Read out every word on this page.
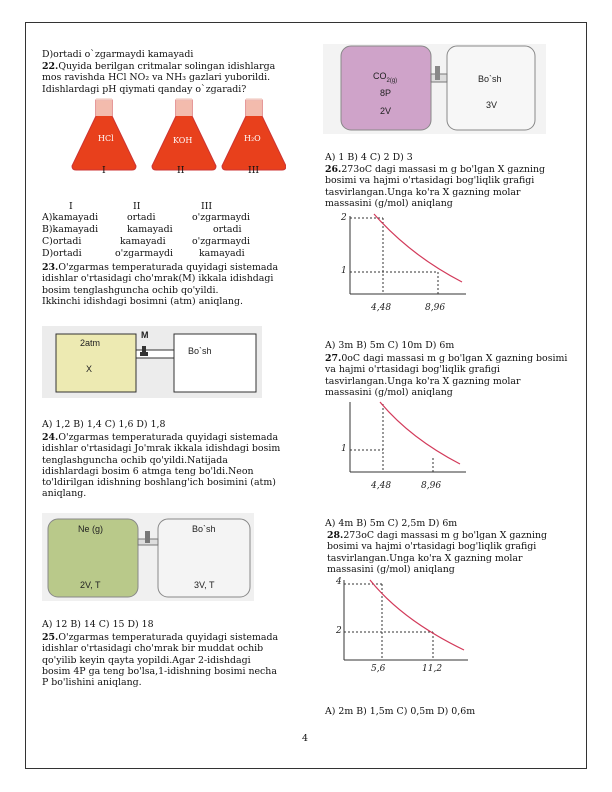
D)ortadi o`zgarmaydi kamayadi
22.Quyida berilgan critmalar solingan idishlarga
mos ravishda HCl NO₂ va NH₃ gazlari yuborildi.
Idishlardagi pH qiymati qanday o`zgaradi?
HCl	KOH	H₂O
I	II	III
I	II	III
A)kamayadi	ortadi	o'zgarmaydi
B)kamayadi	kamayadi	ortadi
C)ortadi	kamayadi	o'zgarmaydi
D)ortadi	o'zgarmaydi	kamayadi
23.O'zgarmas temperaturada quyidagi sistemada
idishlar o'rtasidagi cho'mrak(M) ikkala idishdagi
bosim tenglashguncha ochib qo'yildi.
Ikkinchi idishdagi bosimni (atm) aniqlang.
2atm
X
M
Bo`sh
A) 1,2 B) 1,4 C) 1,6 D) 1,8
24.O'zgarmas temperaturada quyidagi sistemada
idishlar o'rtasidagi Jo'mrak ikkala idishdagi bosim
tenglashguncha ochib qo'yildi.Natijada
idishlardagi bosim 6 atmga teng bo'ldi.Neon
to'ldirilgan idishning boshlang'ich bosimini (atm)
aniqlang.
Ne (g)
2V, T
Bo`sh
3V, T
A) 12 B) 14 C) 15 D) 18
25.O'zgarmas temperaturada quyidagi sistemada
idishlar o'rtasidagi cho'mrak bir muddat ochib
qo'yilib keyin qayta yopildi.Agar 2-idishdagi
bosim 4P ga teng bo'lsa,1-idishning bosimi necha
P bo'lishini aniqlang.
$CO_{2(g)}$
8P
2V
Bo`sh
3V
A) 1 B) 4 C) 2 D) 3
26.273oC dagi massasi m g bo'lgan X gazning
bosimi va hajmi o'rtasidagi bog'liqlik grafigi
tasvirlangan.Unga ko'ra X gazning molar
massasini (g/mol) aniqlang
2
1
4,48	8,96
A) 3m B) 5m C) 10m D) 6m
27.0oC dagi massasi m g bo'lgan X gazning bosimi
va hajmi o'rtasidagi bog'liqlik grafigi
tasvirlangan.Unga ko'ra X gazning molar
massasini (g/mol) aniqlang
1
4,48	8,96
A) 4m B) 5m C) 2,5m D) 6m
28.273oC dagi massasi m g bo'lgan X gazning
bosimi va hajmi o'rtasidagi bog'liqlik grafigi
tasvirlangan.Unga ko'ra X gazning molar
massasini (g/mol) aniqlang
4
2
5,6	11,2
A) 2m B) 1,5m C) 0,5m D) 0,6m
4
